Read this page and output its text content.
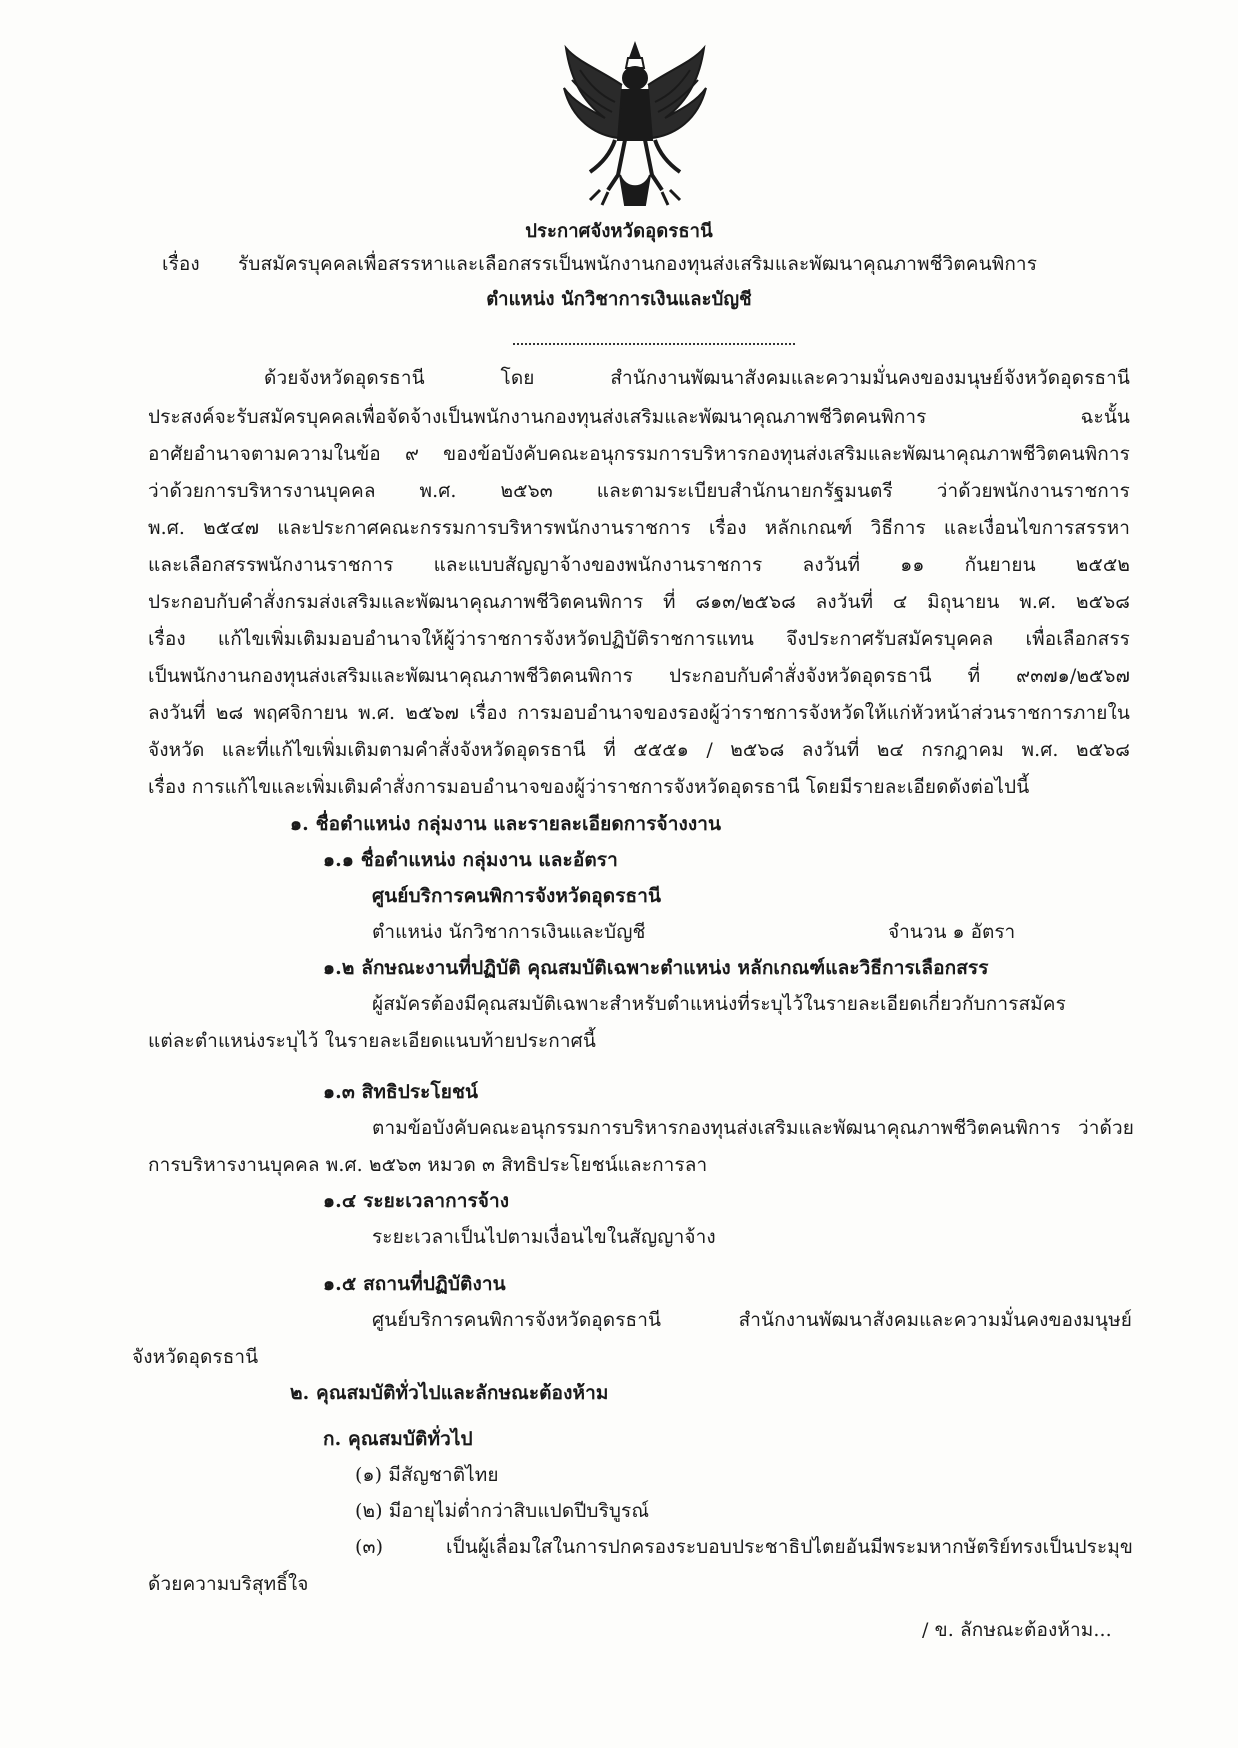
ประกาศจังหวัดอุดรธานี
เรื่อง รับสมัครบุคคลเพื่อสรรหาและเลือกสรรเป็นพนักงานกองทุนส่งเสริมและพัฒนาคุณภาพชีวิตคนพิการ
ตำแหน่ง นักวิชาการเงินและบัญชี
ด้วยจังหวัดอุดรธานี โดย สำนักงานพัฒนาสังคมและความมั่นคงของมนุษย์จังหวัดอุดรธานี
ประสงค์จะรับสมัครบุคคลเพื่อจัดจ้างเป็นพนักงานกองทุนส่งเสริมและพัฒนาคุณภาพชีวิตคนพิการ ฉะนั้น
อาศัยอำนาจตามความในข้อ ๙ ของข้อบังคับคณะอนุกรรมการบริหารกองทุนส่งเสริมและพัฒนาคุณภาพชีวิตคนพิการ
ว่าด้วยการบริหารงานบุคคล พ.ศ. ๒๕๖๓ และตามระเบียบสำนักนายกรัฐมนตรี ว่าด้วยพนักงานราชการ
พ.ศ. ๒๕๔๗ และประกาศคณะกรรมการบริหารพนักงานราชการ เรื่อง หลักเกณฑ์ วิธีการ และเงื่อนไขการสรรหา
และเลือกสรรพนักงานราชการ และแบบสัญญาจ้างของพนักงานราชการ ลงวันที่ ๑๑ กันยายน ๒๕๕๒
ประกอบกับคำสั่งกรมส่งเสริมและพัฒนาคุณภาพชีวิตคนพิการ ที่ ๘๑๓/๒๕๖๘ ลงวันที่ ๔ มิถุนายน พ.ศ. ๒๕๖๘
เรื่อง แก้ไขเพิ่มเติมมอบอำนาจให้ผู้ว่าราชการจังหวัดปฏิบัติราชการแทน จึงประกาศรับสมัครบุคคล เพื่อเลือกสรร
เป็นพนักงานกองทุนส่งเสริมและพัฒนาคุณภาพชีวิตคนพิการ ประกอบกับคำสั่งจังหวัดอุดรธานี ที่ ๙๓๗๑/๒๕๖๗
ลงวันที่ ๒๘ พฤศจิกายน พ.ศ. ๒๕๖๗ เรื่อง การมอบอำนาจของรองผู้ว่าราชการจังหวัดให้แก่หัวหน้าส่วนราชการภายใน
จังหวัด และที่แก้ไขเพิ่มเติมตามคำสั่งจังหวัดอุดรธานี ที่ ๕๕๕๑ / ๒๕๖๘ ลงวันที่ ๒๔ กรกฎาคม พ.ศ. ๒๕๖๘
เรื่อง การแก้ไขและเพิ่มเติมคำสั่งการมอบอำนาจของผู้ว่าราชการจังหวัดอุดรธานี โดยมีรายละเอียดดังต่อไปนี้
๑. ชื่อตำแหน่ง กลุ่มงาน และรายละเอียดการจ้างงาน
๑.๑ ชื่อตำแหน่ง กลุ่มงาน และอัตรา
ศูนย์บริการคนพิการจังหวัดอุดรธานี
ตำแหน่ง นักวิชาการเงินและบัญชี	จำนวน ๑ อัตรา
๑.๒ ลักษณะงานที่ปฏิบัติ คุณสมบัติเฉพาะตำแหน่ง หลักเกณฑ์และวิธีการเลือกสรร
ผู้สมัครต้องมีคุณสมบัติเฉพาะสำหรับตำแหน่งที่ระบุไว้ในรายละเอียดเกี่ยวกับการสมัคร
แต่ละตำแหน่งระบุไว้ ในรายละเอียดแนบท้ายประกาศนี้
๑.๓ สิทธิประโยชน์
ตามข้อบังคับคณะอนุกรรมการบริหารกองทุนส่งเสริมและพัฒนาคุณภาพชีวิตคนพิการ ว่าด้วย
การบริหารงานบุคคล พ.ศ. ๒๕๖๓ หมวด ๓ สิทธิประโยชน์และการลา
๑.๔ ระยะเวลาการจ้าง
ระยะเวลาเป็นไปตามเงื่อนไขในสัญญาจ้าง
๑.๕ สถานที่ปฏิบัติงาน
ศูนย์บริการคนพิการจังหวัดอุดรธานี สำนักงานพัฒนาสังคมและความมั่นคงของมนุษย์
จังหวัดอุดรธานี
๒. คุณสมบัติทั่วไปและลักษณะต้องห้าม
ก. คุณสมบัติทั่วไป
(๑) มีสัญชาติไทย
(๒) มีอายุไม่ต่ำกว่าสิบแปดปีบริบูรณ์
(๓) เป็นผู้เลื่อมใสในการปกครองระบอบประชาธิปไตยอันมีพระมหากษัตริย์ทรงเป็นประมุข
ด้วยความบริสุทธิ์ใจ
/ ข. ลักษณะต้องห้าม...
